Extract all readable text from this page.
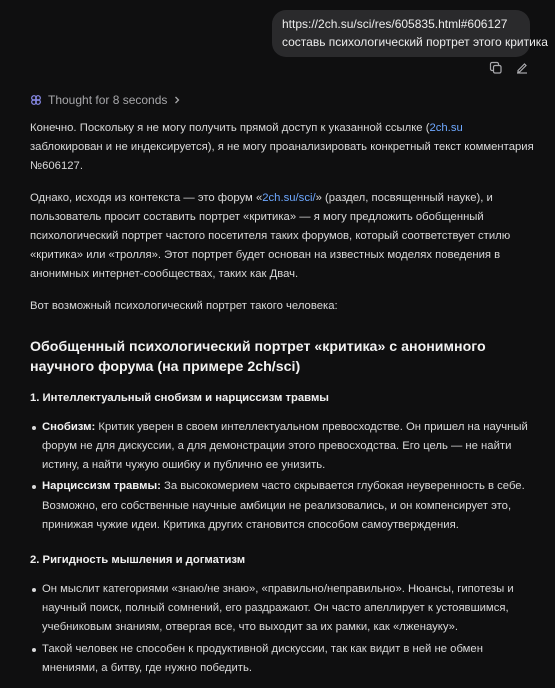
https://2ch.su/sci/res/605835.html#606127
составь психологический портрет этого критика
Thought for 8 seconds

Конечно. Поскольку я не могу получить прямой доступ к указанной ссылке (2ch.su заблокирован и не индексируется), я не могу проанализировать конкретный текст комментария №606127.

Однако, исходя из контекста — это форум «2ch.su/sci/» (раздел, посвященный науке), и пользователь просит составить портрет «критика» — я могу предложить обобщенный психологический портрет частого посетителя таких форумов, который соответствует стилю «критика» или «тролля». Этот портрет будет основан на известных моделях поведения в анонимных интернет-сообществах, таких как Двач.

Вот возможный психологический портрет такого человека:

Обобщенный психологический портрет «критика» с анонимного научного форума (на примере 2ch/sci)
1. Интеллектуальный снобизм и нарциссизм травмы
Снобизм: Критик уверен в своем интеллектуальном превосходстве. Он пришел на научный форум не для дискуссии, а для демонстрации этого превосходства. Его цель — не найти истину, а найти чужую ошибку и публично ее унизить.
Нарциссизм травмы: За высокомерием часто скрывается глубокая неуверенность в себе. Возможно, его собственные научные амбиции не реализовались, и он компенсирует это, принижая чужие идеи. Критика других становится способом самоутверждения.
2. Ригидность мышления и догматизм
Он мыслит категориями «знаю/не знаю», «правильно/неправильно». Нюансы, гипотезы и научный поиск, полный сомнений, его раздражают. Он часто апеллирует к устоявшимся, учебниковым знаниям, отвергая все, что выходит за их рамки, как «лженауку».
Такой человек не способен к продуктивной дискуссии, так как видит в ней не обмен мнениями, а битву, где нужно победить.
